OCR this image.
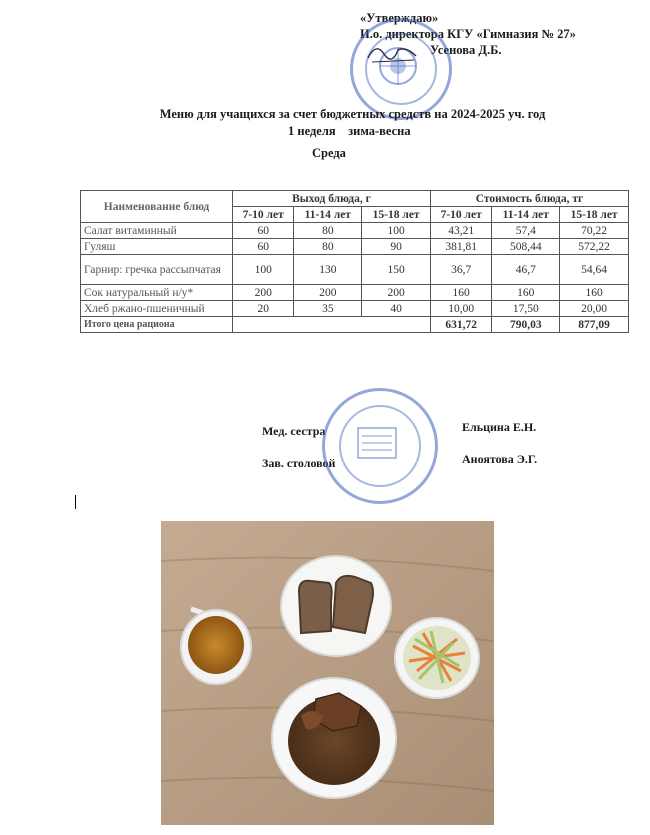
«Утверждаю»
И.о. директора КГУ «Гимназия № 27»
Усенова Д.Б.
Меню для учащихся за счет бюджетных средств на 2024-2025 уч. год
1 неделя    зима-весна
Среда
Наименование блюд	Выход блюда, г			Стоимость блюда, тг		
	7-10 лет	11-14 лет	15-18 лет	7-10 лет	11-14 лет	15-18 лет
Салат витаминный	60	80	100	43,21	57,4	70,22
Гуляш	60	80	90	381,81	508,44	572,22
Гарнир: гречка рассыпчатая	100	130	150	36,7	46,7	54,64
Сок натуральный н/у*	200	200	200	160	160	160
Хлеб ржано-пшеничный	20	35	40	10,00	17,50	20,00
Итого цена рациона				631,72	790,03	877,09
Мед. сестра	Ельцина Е.Н.
Зав. столовой	Аноятова Э.Г.
